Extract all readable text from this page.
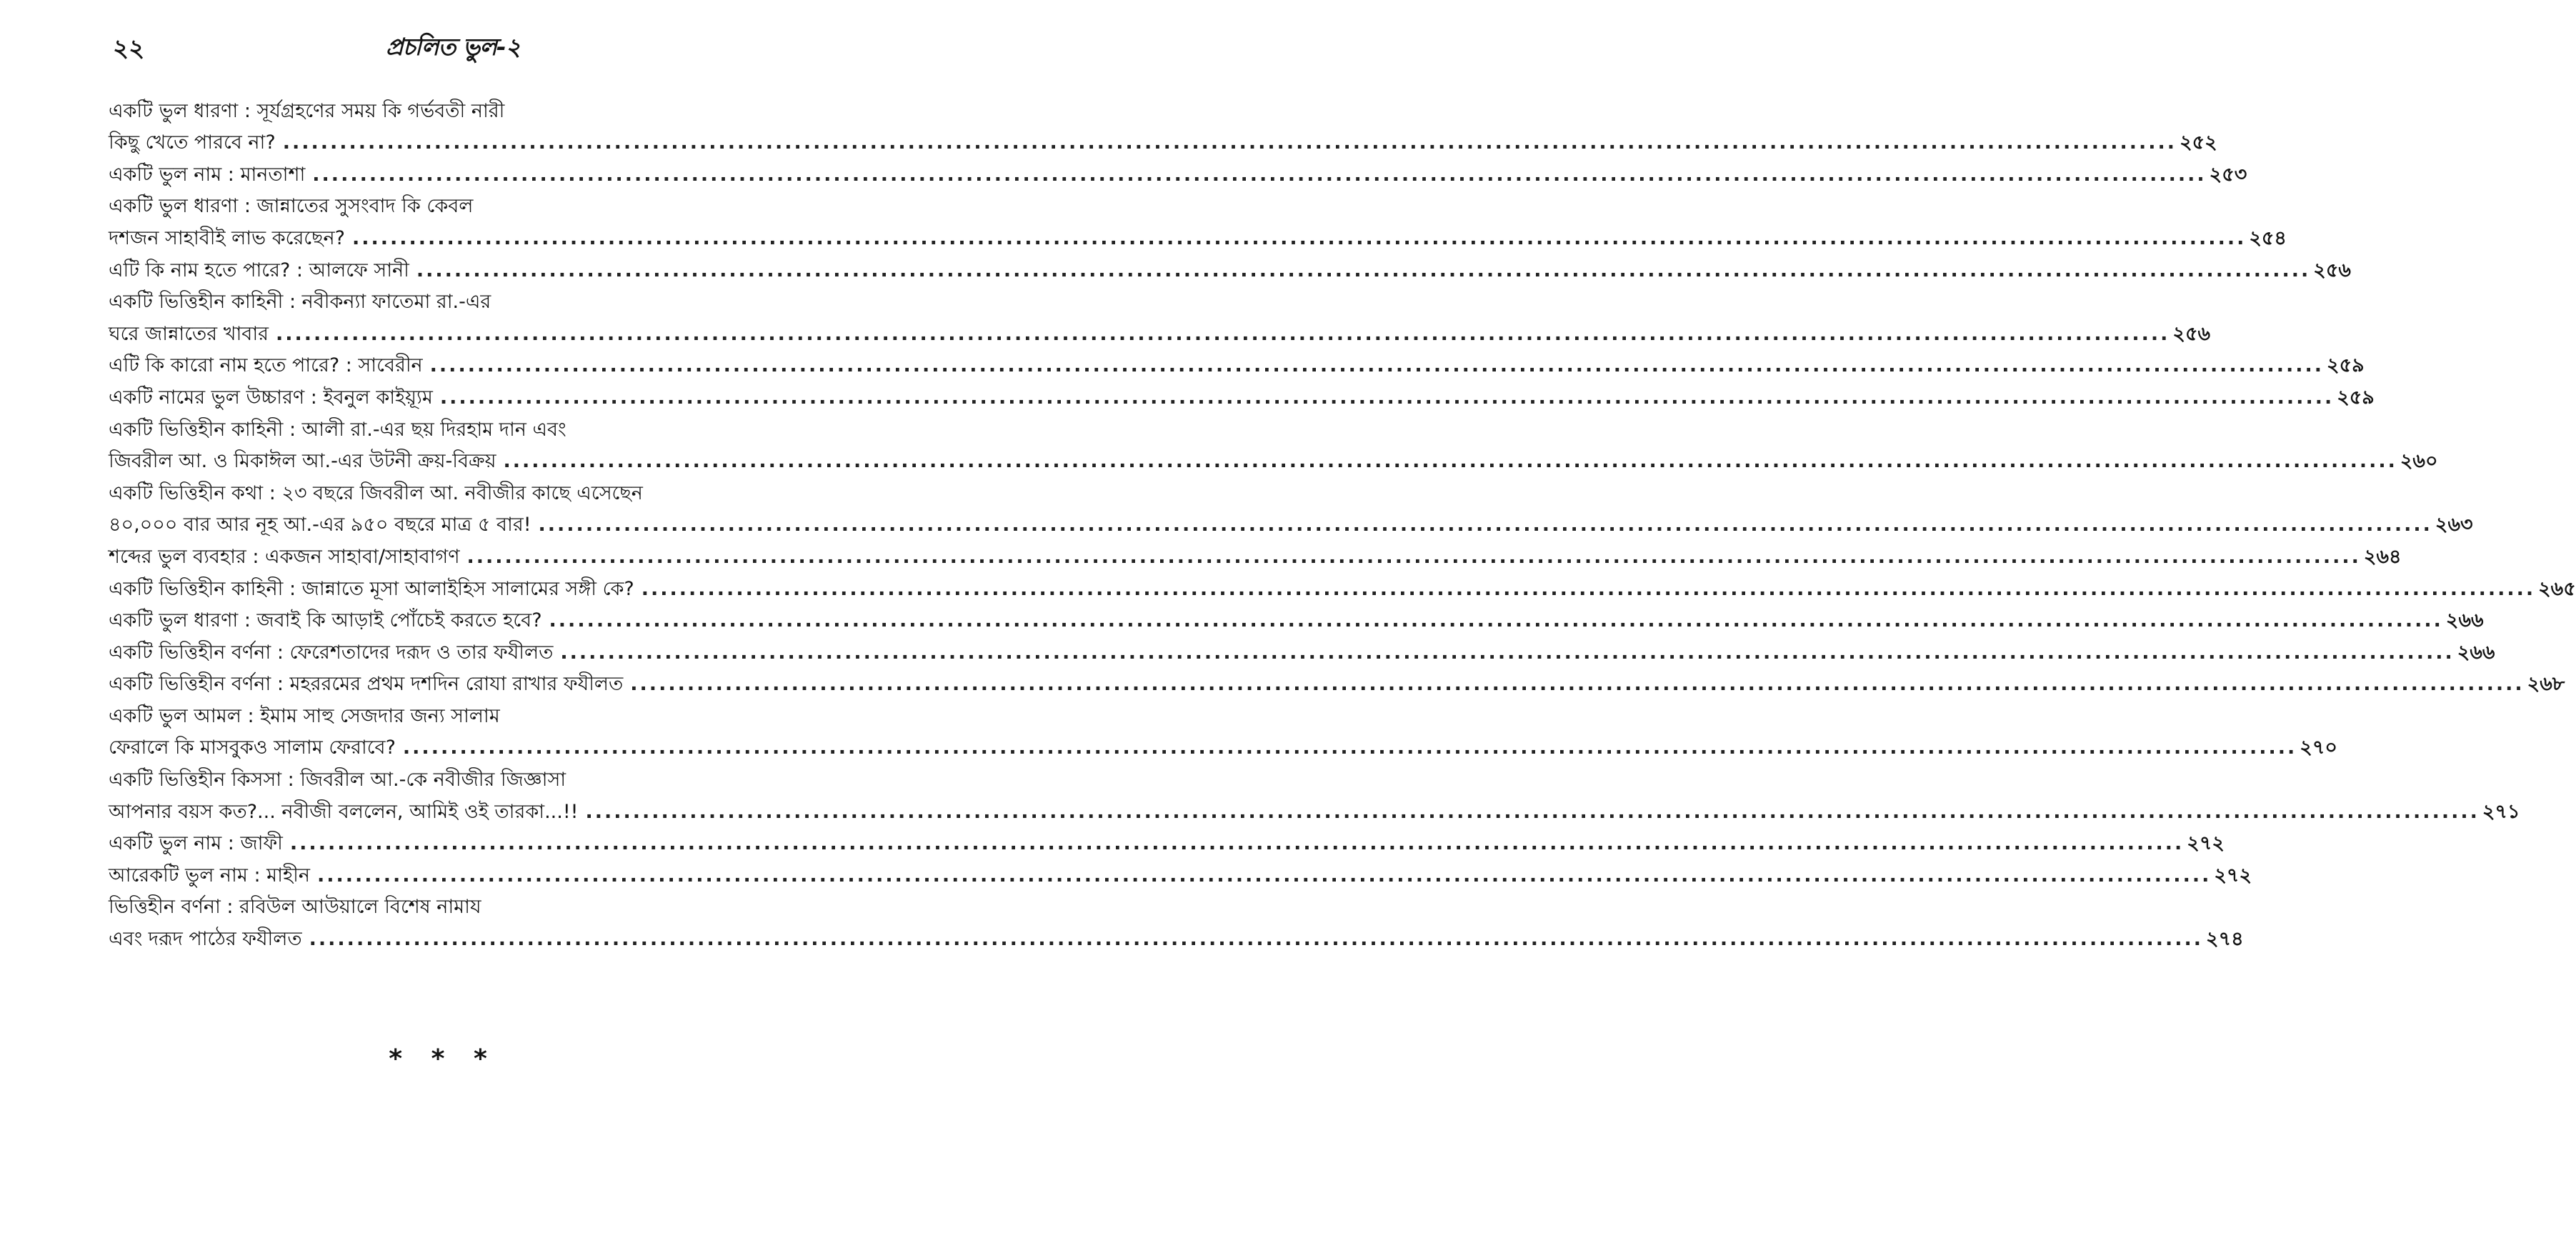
২২	প্রচলিত ভুল-২
একটি ভুল ধারণা : সূর্যগ্রহণের সময় কি গর্ভবতী নারী
কিছু খেতে পারবে না? ........................................................................................................................................................................................................ ২৫২
একটি ভুল নাম : মানতাশা ........................................................................................................................................................................................................ ২৫৩
একটি ভুল ধারণা : জান্নাতের সুসংবাদ কি কেবল
দশজন সাহাবীই লাভ করেছেন? ........................................................................................................................................................................................................ ২৫৪
এটি কি নাম হতে পারে? : আলফে সানী ........................................................................................................................................................................................................ ২৫৬
একটি ভিত্তিহীন কাহিনী : নবীকন্যা ফাতেমা রা.-এর
ঘরে জান্নাতের খাবার ........................................................................................................................................................................................................ ২৫৬
এটি কি কারো নাম হতে পারে? : সাবেরীন ........................................................................................................................................................................................................ ২৫৯
একটি নামের ভুল উচ্চারণ : ইবনুল কাইয়্যূম ........................................................................................................................................................................................................ ২৫৯
একটি ভিত্তিহীন কাহিনী : আলী রা.-এর ছয় দিরহাম দান এবং
জিবরীল আ. ও মিকাঈল আ.-এর উটনী ক্রয়-বিক্রয় ........................................................................................................................................................................................................ ২৬০
একটি ভিত্তিহীন কথা : ২৩ বছরে জিবরীল আ. নবীজীর কাছে এসেছেন
৪০,০০০ বার আর নূহ আ.-এর ৯৫০ বছরে মাত্র ৫ বার! ........................................................................................................................................................................................................ ২৬৩
শব্দের ভুল ব্যবহার : একজন সাহাবা/সাহাবাগণ ........................................................................................................................................................................................................ ২৬৪
একটি ভিত্তিহীন কাহিনী : জান্নাতে মূসা আলাইহিস সালামের সঙ্গী কে? ........................................................................................................................................................................................................ ২৬৫
একটি ভুল ধারণা : জবাই কি আড়াই পোঁচেই করতে হবে? ........................................................................................................................................................................................................ ২৬৬
একটি ভিত্তিহীন বর্ণনা : ফেরেশতাদের দরূদ ও তার ফযীলত ........................................................................................................................................................................................................ ২৬৬
একটি ভিত্তিহীন বর্ণনা : মহররমের প্রথম দশদিন রোযা রাখার ফযীলত ........................................................................................................................................................................................................ ২৬৮
একটি ভুল আমল : ইমাম সাহু সেজদার জন্য সালাম
ফেরালে কি মাসবুকও সালাম ফেরাবে? ........................................................................................................................................................................................................ ২৭০
একটি ভিত্তিহীন কিসসা : জিবরীল আ.-কে নবীজীর জিজ্ঞাসা
আপনার বয়স কত?... নবীজী বললেন, আমিই ওই তারকা...!! ........................................................................................................................................................................................................ ২৭১
একটি ভুল নাম : জাফী ........................................................................................................................................................................................................ ২৭২
আরেকটি ভুল নাম : মাহীন ........................................................................................................................................................................................................ ২৭২
ভিত্তিহীন বর্ণনা : রবিউল আউয়ালে বিশেষ নামায
এবং দরূদ পাঠের ফযীলত ........................................................................................................................................................................................................ ২৭৪
* * *
